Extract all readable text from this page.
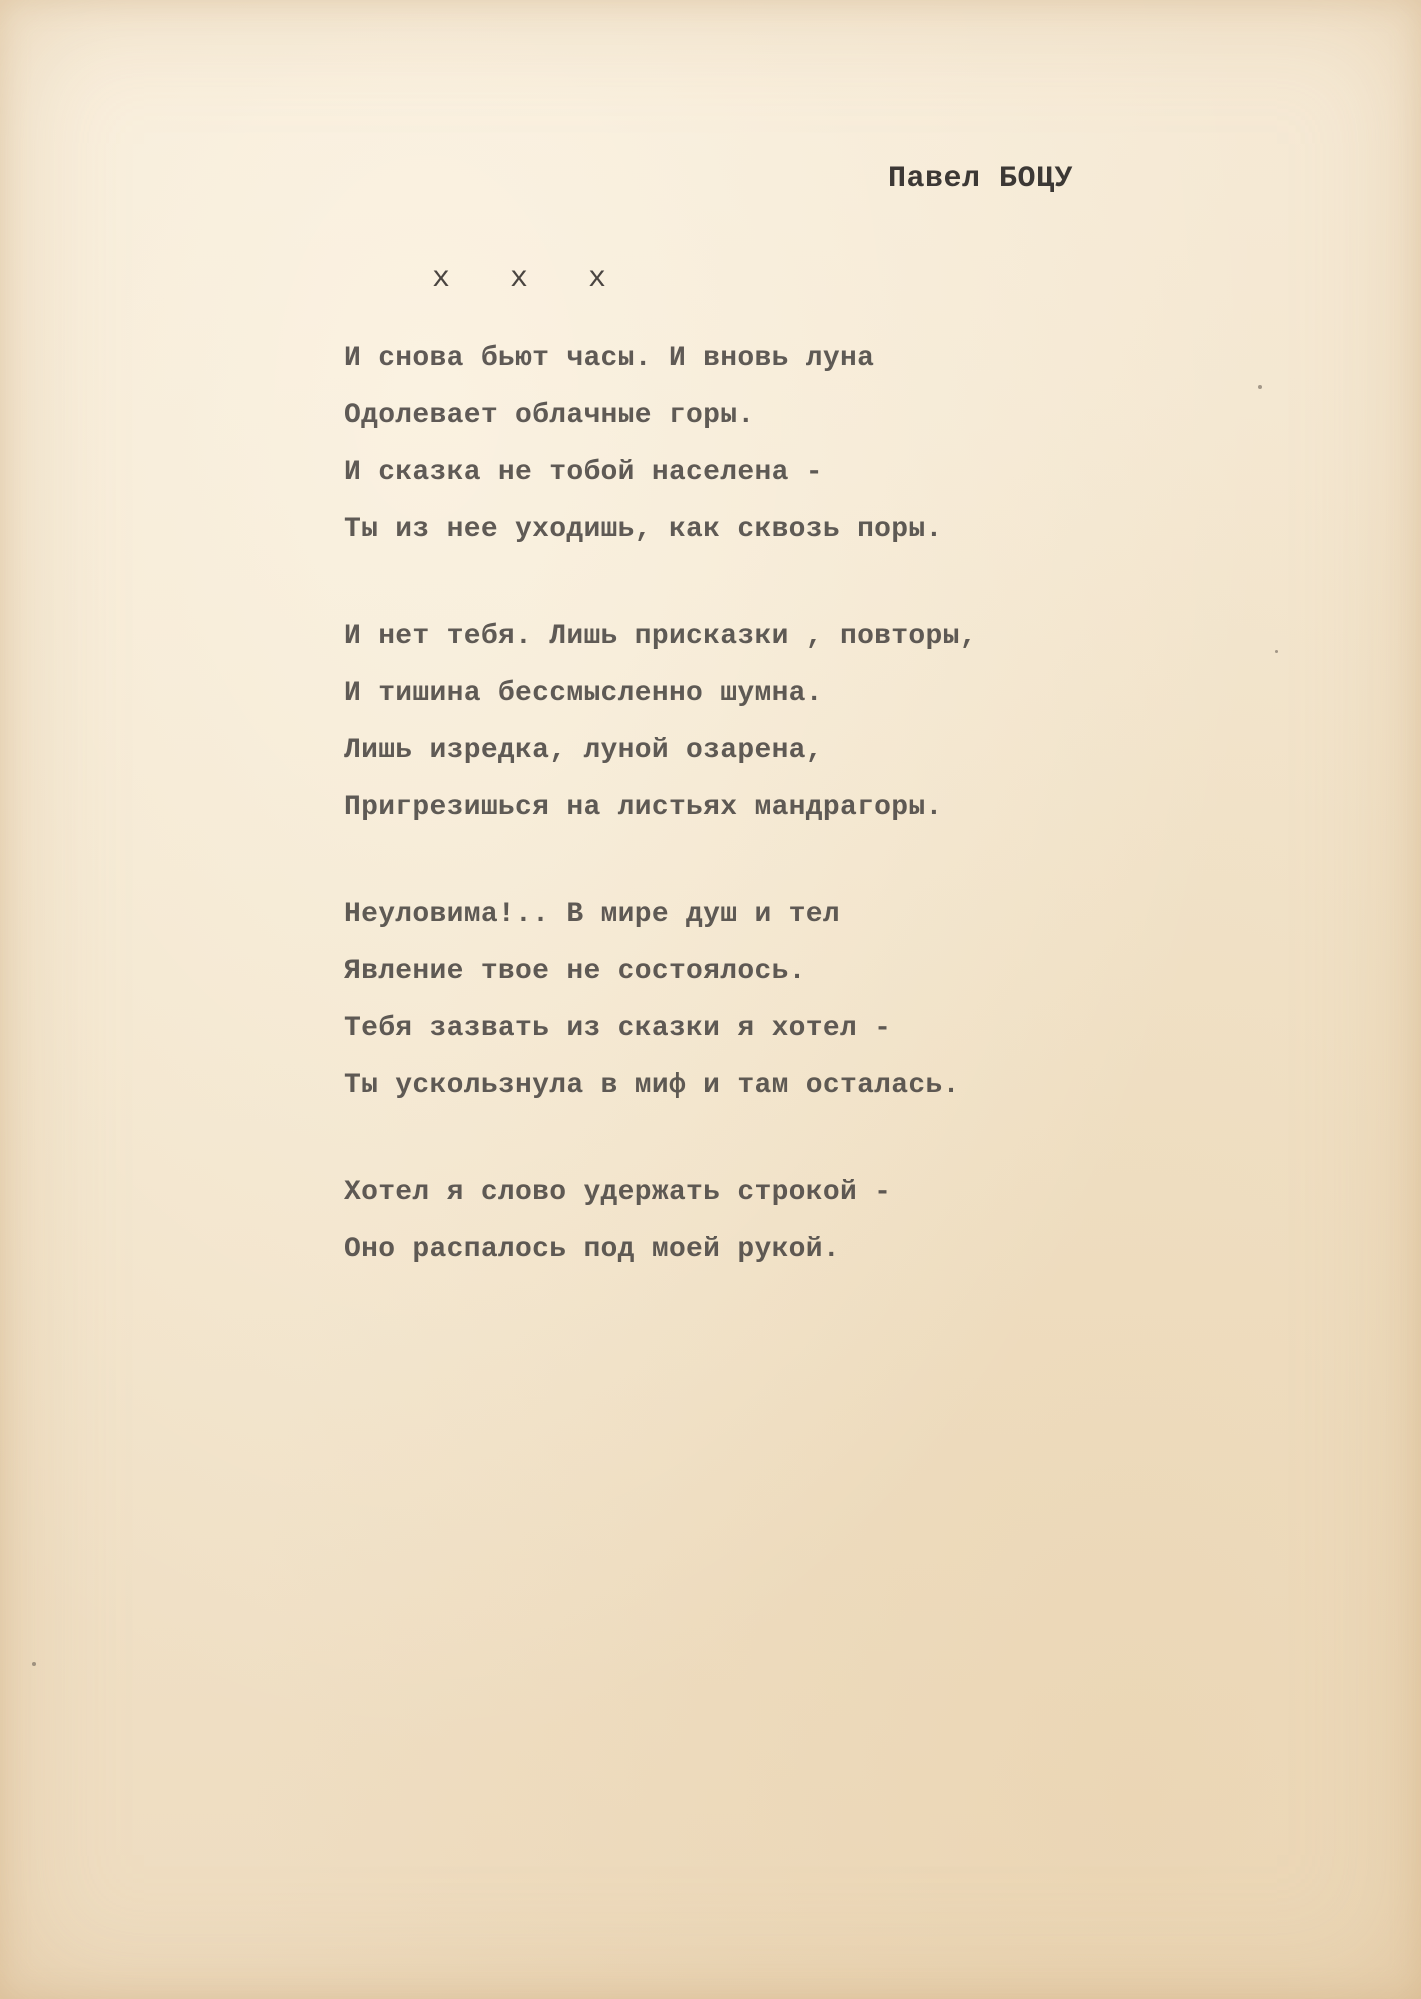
Павел БОЦУ
х х х
И снова бьют часы. И вновь луна
Одолевает облачные горы.
И сказка не тобой населена -
Ты из нее уходишь, как сквозь поры.
И нет тебя. Лишь присказки , повторы,
И тишина бессмысленно шумна.
Лишь изредка, луной озарена,
Пригрезишься на листьях мандрагоры.
Неуловима!.. В мире душ и тел
Явление твое не состоялось.
Тебя зазвать из сказки я хотел -
Ты ускользнула в миф и там осталась.
Хотел я слово удержать строкой -
Оно распалось под моей рукой.
